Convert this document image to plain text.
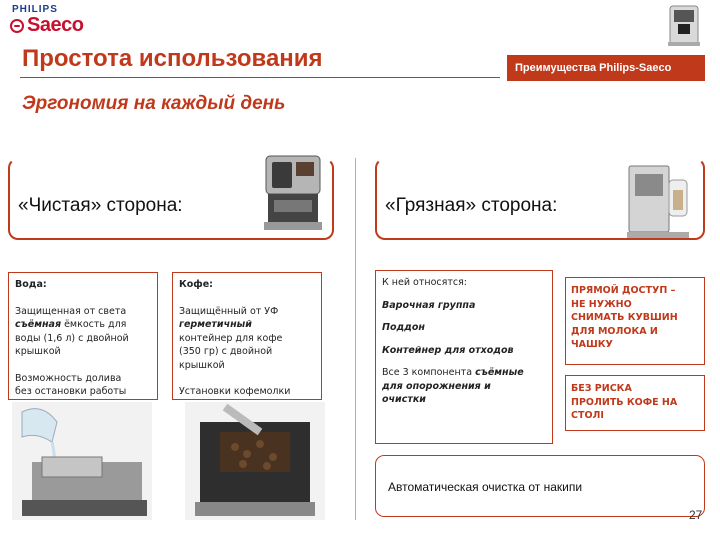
PHILIPS
Saeco
Простота использования	Преимущества Philips-Saeco
Эргономия на каждый день
«Чистая» сторона:	«Грязная» сторона:
Вода:
Защищенная от света
съёмная ёмкость для
воды (1,6 л) с двойной
крышкой
Возможность долива
без остановки работы
Кофе:
Защищённый от УФ
герметичный
контейнер для кофе
(350 гр) с двойной
крышкой
Установки кофемолки
К ней относятся:
Варочная группа
Поддон
Контейнер для отходов
Все 3 компонента съёмные
для опорожнения и
очистки
ПРЯМОЙ ДОСТУП –
НЕ НУЖНО
СНИМАТЬ КУВШИН
ДЛЯ МОЛОКА И
ЧАШКУ
БЕЗ РИСКА
ПРОЛИТЬ КОФЕ НА
СТОЛІ
Автоматическая очистка от накипи
27
